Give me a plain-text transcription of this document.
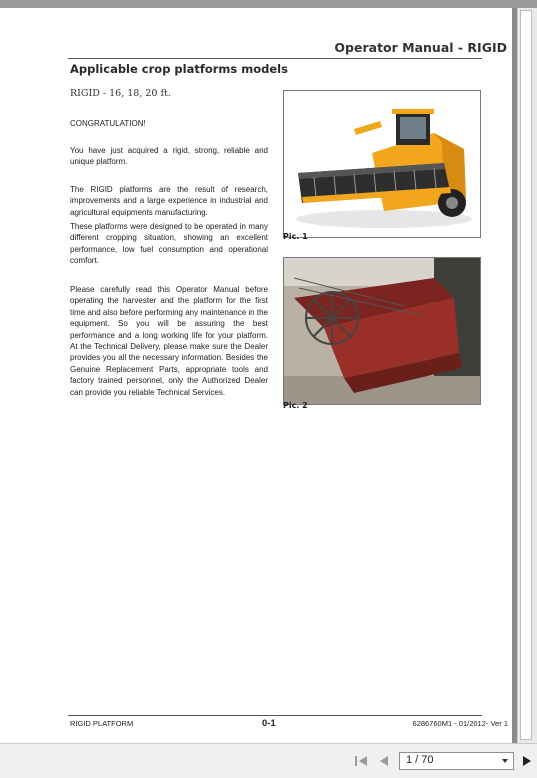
Operator Manual - RIGID
Applicable crop platforms models
RIGID - 16, 18, 20 ft.
CONGRATULATION!
You have just acquired a rigid, strong, reliable and unique platform.
The RIGID platforms are the result of research, improvements and a large experience in industrial and agricultural equipments manufacturing.
These platforms were designed to be operated in many different cropping situation, showing an excellent performance, low fuel consumption and operational comfort.
Please carefully read this Operator Manual before operating the harvester and the platform for the first time and also before performing any maintenance in the equipment. So you will be assuring the best performance and a long working life for your platform. At the Technical Delivery, please make sure the Dealer provides you all the necessary information. Besides the Genuine Replacement Parts, appropriate tools and factory trained personnel, only the Authorized Dealer can provide you reliable Technical Services.
Pic. 1
Pic. 2
RIGID PLATFORM	0-1	6286760M1 - 01/2012- Ver 1
1 / 70
